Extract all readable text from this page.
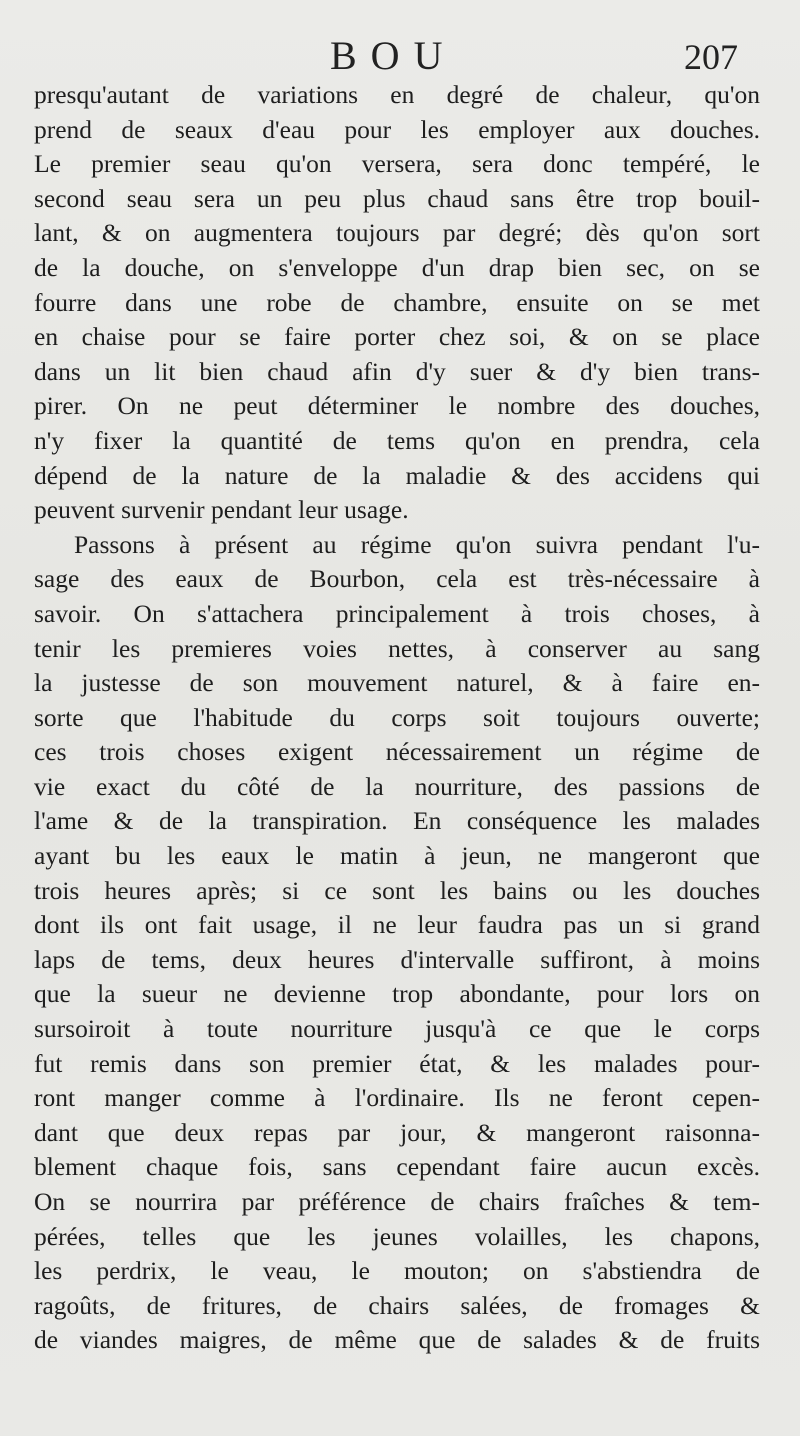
BOU	207
presqu'autant de variations en degré de chaleur, qu'on
prend de seaux d'eau pour les employer aux douches.
Le premier seau qu'on versera, sera donc tempéré, le
second seau sera un peu plus chaud sans être trop bouil-
lant, & on augmentera toujours par degré; dès qu'on sort
de la douche, on s'enveloppe d'un drap bien sec, on se
fourre dans une robe de chambre, ensuite on se met
en chaise pour se faire porter chez soi, & on se place
dans un lit bien chaud afin d'y suer & d'y bien trans-
pirer. On ne peut déterminer le nombre des douches,
n'y fixer la quantité de tems qu'on en prendra, cela
dépend de la nature de la maladie & des accidens qui
peuvent survenir pendant leur usage.
Passons à présent au régime qu'on suivra pendant l'u-
sage des eaux de Bourbon, cela est très-nécessaire à
savoir. On s'attachera principalement à trois choses, à
tenir les premieres voies nettes, à conserver au sang
la justesse de son mouvement naturel, & à faire en-
sorte que l'habitude du corps soit toujours ouverte;
ces trois choses exigent nécessairement un régime de
vie exact du côté de la nourriture, des passions de
l'ame & de la transpiration. En conséquence les malades
ayant bu les eaux le matin à jeun, ne mangeront que
trois heures après; si ce sont les bains ou les douches
dont ils ont fait usage, il ne leur faudra pas un si grand
laps de tems, deux heures d'intervalle suffiront, à moins
que la sueur ne devienne trop abondante, pour lors on
sursoiroit à toute nourriture jusqu'à ce que le corps
fut remis dans son premier état, & les malades pour-
ront manger comme à l'ordinaire. Ils ne feront cepen-
dant que deux repas par jour, & mangeront raisonna-
blement chaque fois, sans cependant faire aucun excès.
On se nourrira par préférence de chairs fraîches & tem-
pérées, telles que les jeunes volailles, les chapons,
les perdrix, le veau, le mouton; on s'abstiendra de
ragoûts, de fritures, de chairs salées, de fromages &
de viandes maigres, de même que de salades & de fruits
